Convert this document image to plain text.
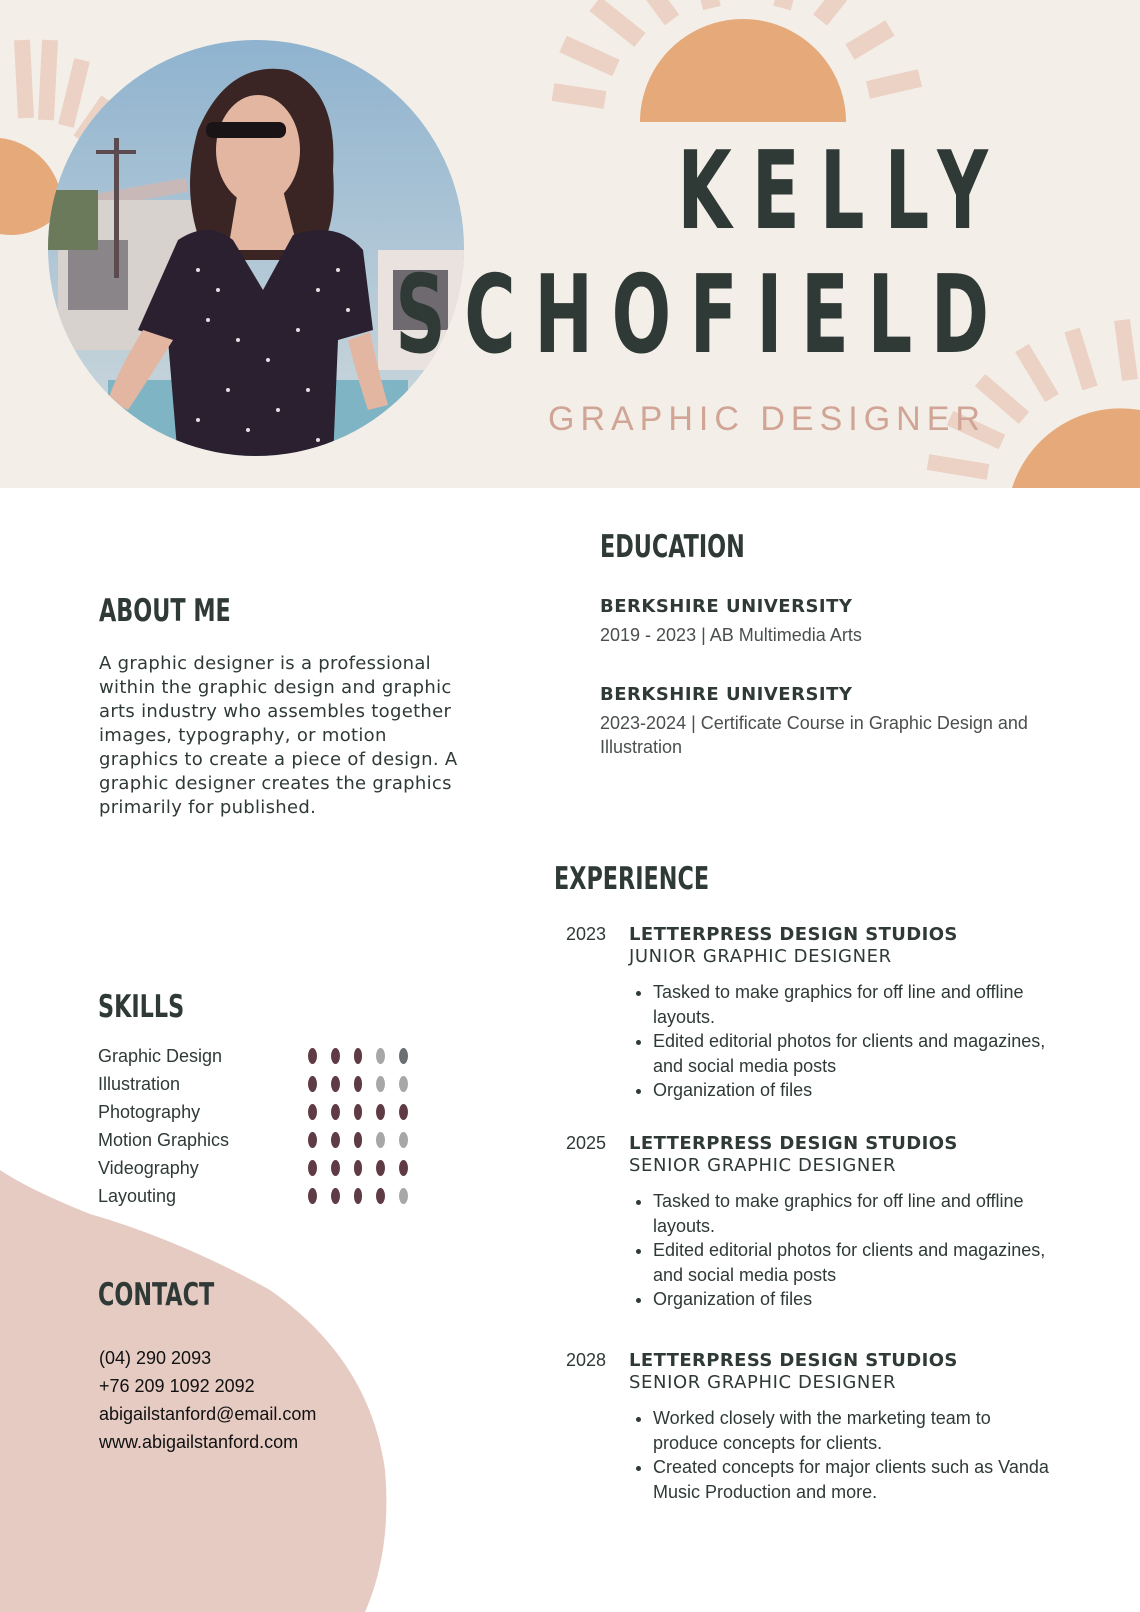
KELLY
SCHOFIELD
GRAPHIC DESIGNER
ABOUT ME

A graphic designer is a professional within the graphic design and graphic arts industry who assembles together images, typography, or motion graphics to create a piece of design. A graphic designer creates the graphics primarily for published.

SKILLS
Graphic Design
Illustration
Photography
Motion Graphics
Videography
Layouting
CONTACT
(04) 290 2093
+76 209 1092 2092
abigailstanford@email.com
www.abigailstanford.com
EDUCATION
BERKSHIRE UNIVERSITY
2019 - 2023 | AB Multimedia Arts
BERKSHIRE UNIVERSITY
2023-2024 | Certificate Course in Graphic Design and Illustration
EXPERIENCE
2023 LETTERPRESS DESIGN STUDIOS
JUNIOR GRAPHIC DESIGNER
• Tasked to make graphics for off line and offline layouts.
• Edited editorial photos for clients and magazines, and social media posts
• Organization of files
2025 LETTERPRESS DESIGN STUDIOS
SENIOR GRAPHIC DESIGNER
• Tasked to make graphics for off line and offline layouts.
• Edited editorial photos for clients and magazines, and social media posts
• Organization of files
2028 LETTERPRESS DESIGN STUDIOS
SENIOR GRAPHIC DESIGNER
• Worked closely with the marketing team to produce concepts for clients.
• Created concepts for major clients such as Vanda Music Production and more.
